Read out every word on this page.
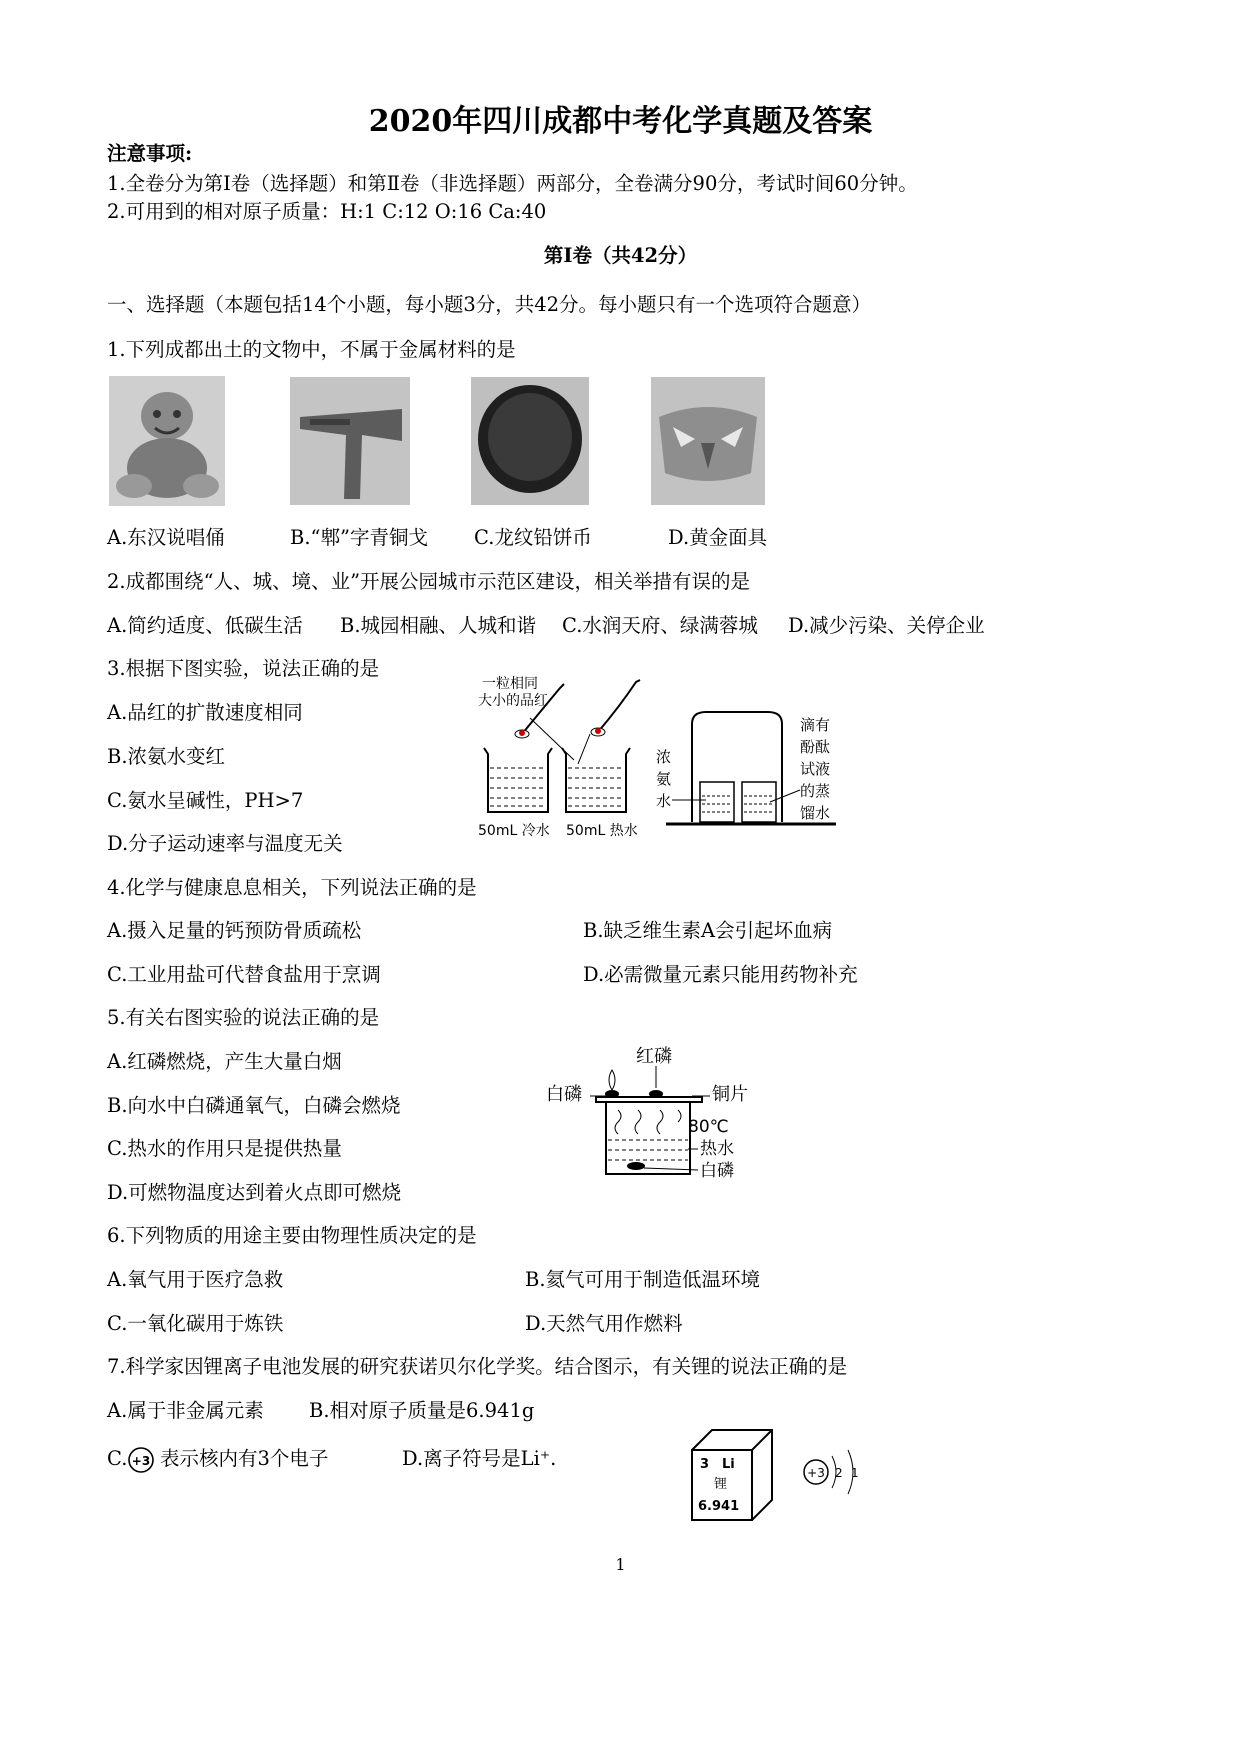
2020年四川成都中考化学真题及答案
注意事项:
1.全卷分为第Ⅰ卷（选择题）和第Ⅱ卷（非选择题）两部分，全卷满分90分，考试时间60分钟。
2.可用到的相对原子质量：H:1 C:12 O:16 Ca:40
第Ⅰ卷（共42分）
一、选择题（本题包括14个小题，每小题3分，共42分。每小题只有一个选项符合题意）
1.下列成都出土的文物中，不属于金属材料的是
A.东汉说唱俑	B.“郫”字青铜戈 C.龙纹铅饼币	D.黄金面具
2.成都围绕“人、城、境、业”开展公园城市示范区建设，相关举措有误的是
A.简约适度、低碳生活 B.城园相融、人城和谐 C.水润天府、绿满蓉城 D.减少污染、关停企业
3.根据下图实验，说法正确的是
A.品红的扩散速度相同
B.浓氨水变红
C.氨水呈碱性，PH>7
D.分子运动速率与温度无关
一粒相同
大小的品红
50mL 冷水 50mL 热水
浓
氨
水
滴有
酚酞
试液
的蒸
馏水
4.化学与健康息息相关，下列说法正确的是
A.摄入足量的钙预防骨质疏松	B.缺乏维生素A会引起坏血病
C.工业用盐可代替食盐用于烹调	D.必需微量元素只能用药物补充
5.有关右图实验的说法正确的是
A.红磷燃烧，产生大量白烟
B.向水中白磷通氧气，白磷会燃烧
C.热水的作用只是提供热量
D.可燃物温度达到着火点即可燃烧
红磷
白磷	铜片
80℃
热水
白磷
6.下列物质的用途主要由物理性质决定的是
A.氧气用于医疗急救	B.氦气可用于制造低温环境
C.一氧化碳用于炼铁	D.天然气用作燃料
7.科学家因锂离子电池发展的研究获诺贝尔化学奖。结合图示，有关锂的说法正确的是
A.属于非金属元素 B.相对原子质量是6.941g
C. +3 表示核内有3个电子	D.离子符号是Li⁺.	3 Li
锂
6.941
+3 2 1
1
